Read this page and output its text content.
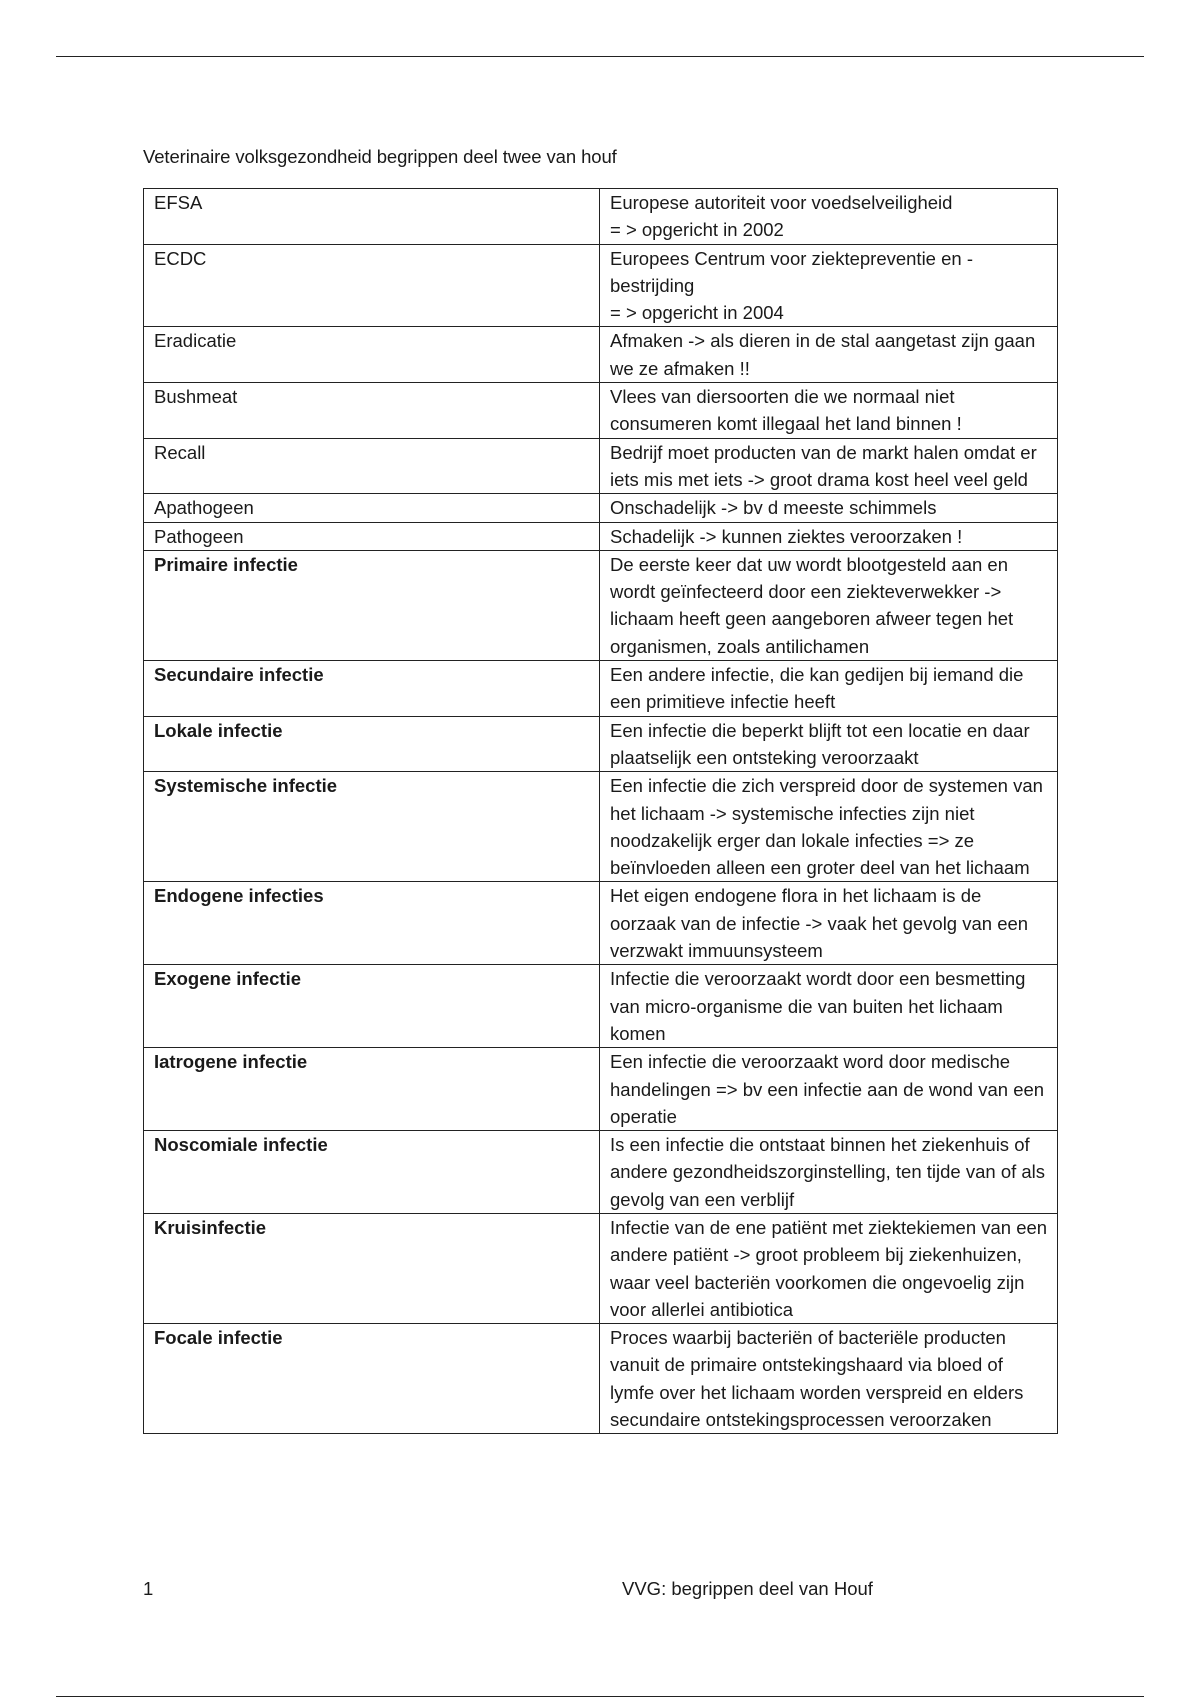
Veterinaire volksgezondheid begrippen deel twee van houf
EFSA	Europese autoriteit voor voedselveiligheid
= > opgericht in 2002

ECDC	Europees Centrum voor ziektepreventie en -bestrijding
= > opgericht in 2004

Eradicatie	Afmaken -> als dieren in de stal aangetast zijn gaan we ze afmaken !!

Bushmeat	Vlees van diersoorten die we normaal niet consumeren komt illegaal het land binnen !

Recall	Bedrijf moet producten van de markt halen omdat er iets mis met iets -> groot drama kost heel veel geld

Apathogeen	Onschadelijk -> bv d meeste schimmels

Pathogeen	Schadelijk -> kunnen ziektes veroorzaken !

Primaire infectie	De eerste keer dat uw wordt blootgesteld aan en wordt geïnfecteerd door een ziekteverwekker -> lichaam heeft geen aangeboren afweer tegen het organismen, zoals antilichamen

Secundaire infectie	Een andere infectie, die kan gedijen bij iemand die een primitieve infectie heeft

Lokale infectie	Een infectie die beperkt blijft tot een locatie en daar plaatselijk een ontsteking veroorzaakt

Systemische infectie	Een infectie die zich verspreid door de systemen van het lichaam -> systemische infecties zijn niet noodzakelijk erger dan lokale infecties => ze beïnvloeden alleen een groter deel van het lichaam

Endogene infecties	Het eigen endogene flora in het lichaam is de oorzaak van de infectie -> vaak het gevolg van een verzwakt immuunsysteem

Exogene infectie	Infectie die veroorzaakt wordt door een besmetting van micro-organisme die van buiten het lichaam komen

Iatrogene infectie	Een infectie die veroorzaakt word door medische handelingen => bv een infectie aan de wond van een operatie

Noscomiale infectie	Is een infectie die ontstaat binnen het ziekenhuis of andere gezondheidszorginstelling, ten tijde van of als gevolg van een verblijf

Kruisinfectie	Infectie van de ene patiënt met ziektekiemen van een andere patiënt -> groot probleem bij ziekenhuizen, waar veel bacteriën voorkomen die ongevoelig zijn voor allerlei antibiotica

Focale infectie	Proces waarbij bacteriën of bacteriële producten vanuit de primaire ontstekingshaard via bloed of lymfe over het lichaam worden verspreid en elders secundaire ontstekingsprocessen veroorzaken
1	VVG: begrippen deel van Houf
